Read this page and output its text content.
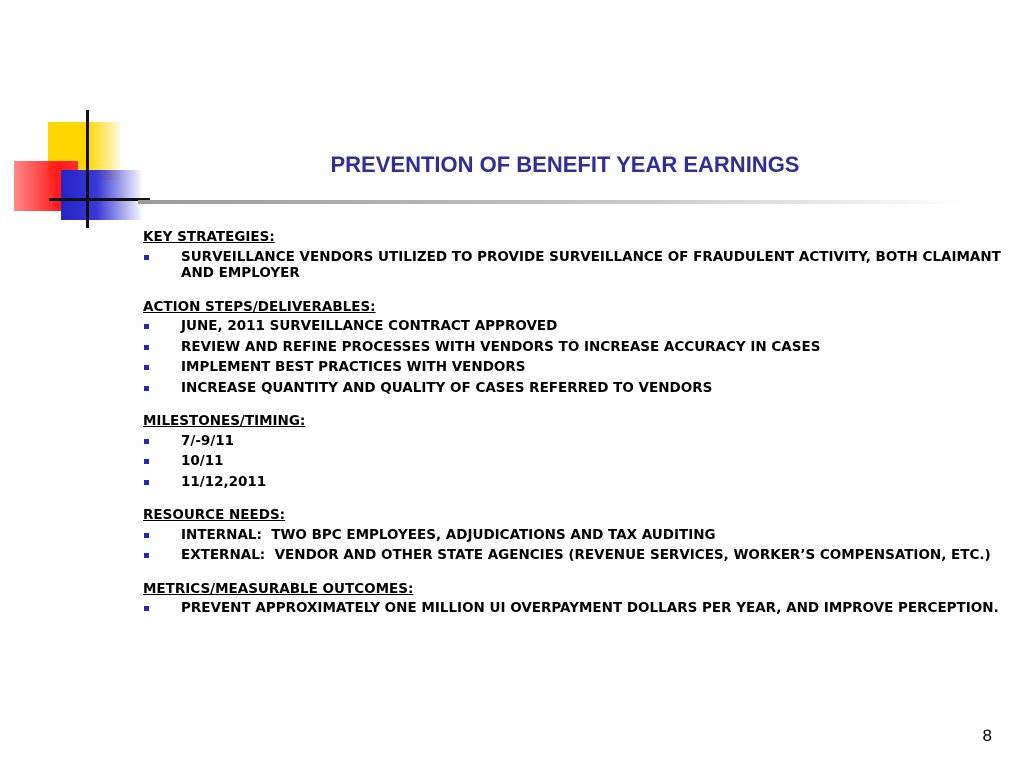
PREVENTION OF BENEFIT YEAR EARNINGS
KEY STRATEGIES:
SURVEILLANCE VENDORS UTILIZED TO PROVIDE SURVEILLANCE OF FRAUDULENT ACTIVITY, BOTH CLAIMANT AND EMPLOYER
ACTION STEPS/DELIVERABLES:
JUNE, 2011 SURVEILLANCE CONTRACT APPROVED
REVIEW AND REFINE PROCESSES WITH VENDORS TO INCREASE ACCURACY IN CASES
IMPLEMENT BEST PRACTICES WITH VENDORS
INCREASE QUANTITY AND QUALITY OF CASES REFERRED TO VENDORS
MILESTONES/TIMING:
7/-9/11
10/11
11/12,2011
RESOURCE NEEDS:
INTERNAL:  TWO BPC EMPLOYEES, ADJUDICATIONS AND TAX AUDITING
EXTERNAL:  VENDOR AND OTHER STATE AGENCIES (REVENUE SERVICES, WORKER’S COMPENSATION, ETC.)
METRICS/MEASURABLE OUTCOMES:
PREVENT APPROXIMATELY ONE MILLION UI OVERPAYMENT DOLLARS PER YEAR, AND IMPROVE PERCEPTION.
8
